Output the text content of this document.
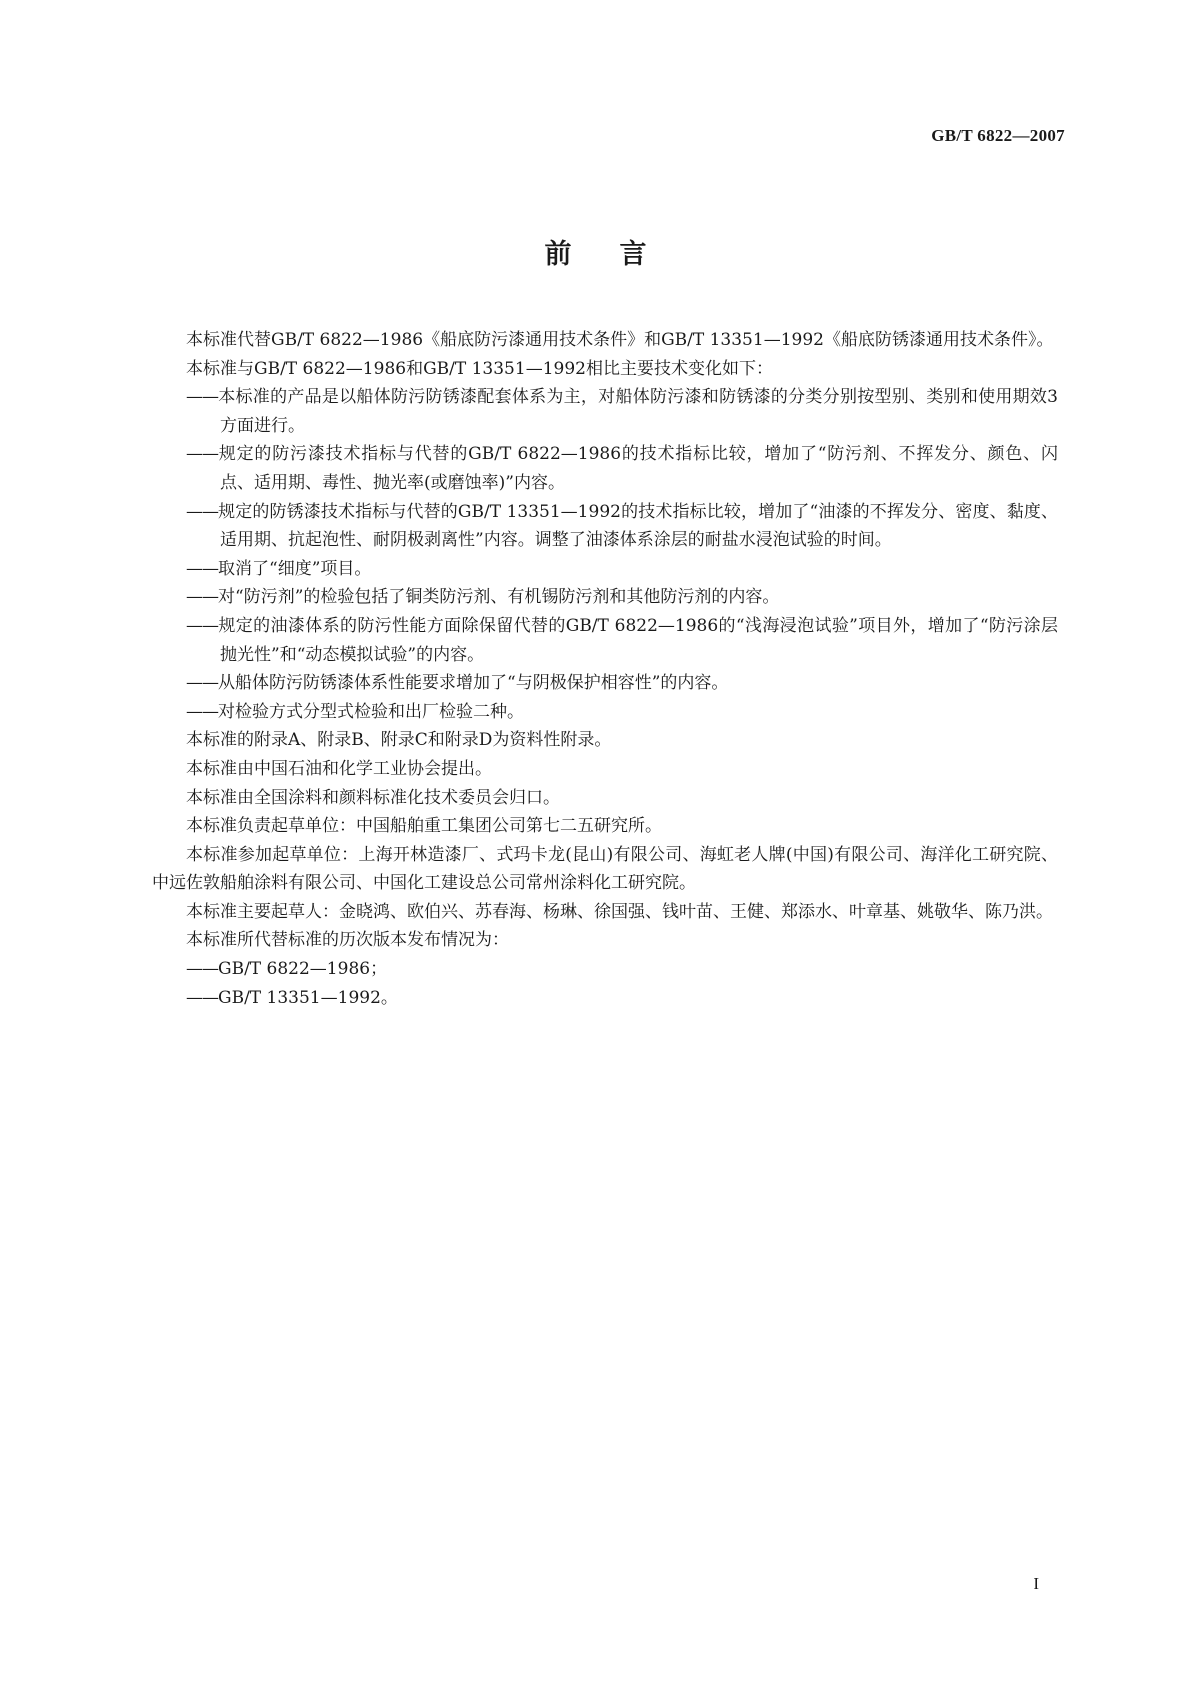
GB/T 6822—2007
前言

本标准代替GB/T 6822—1986《船底防污漆通用技术条件》和GB/T 13351—1992《船底防锈漆通用技术条件》。

本标准与GB/T 6822—1986和GB/T 13351—1992相比主要技术变化如下：

—— 本标准的产品是以船体防污防锈漆配套体系为主，对船体防污漆和防锈漆的分类分别按型别、类别和使用期效3方面进行。

—— 规定的防污漆技术指标与代替的GB/T 6822—1986的技术指标比较，增加了“防污剂、不挥发分、颜色、闪点、适用期、毒性、抛光率(或磨蚀率)”内容。

—— 规定的防锈漆技术指标与代替的GB/T 13351—1992的技术指标比较，增加了“油漆的不挥发分、密度、黏度、适用期、抗起泡性、耐阴极剥离性”内容。调整了油漆体系涂层的耐盐水浸泡试验的时间。

—— 取消了“细度”项目。

—— 对“防污剂”的检验包括了铜类防污剂、有机锡防污剂和其他防污剂的内容。

—— 规定的油漆体系的防污性能方面除保留代替的GB/T 6822—1986的“浅海浸泡试验”项目外，增加了“防污涂层抛光性”和“动态模拟试验”的内容。

—— 从船体防污防锈漆体系性能要求增加了“与阴极保护相容性”的内容。

—— 对检验方式分型式检验和出厂检验二种。

本标准的附录A、附录B、附录C和附录D为资料性附录。

本标准由中国石油和化学工业协会提出。

本标准由全国涂料和颜料标准化技术委员会归口。

本标准负责起草单位：中国船舶重工集团公司第七二五研究所。

本标准参加起草单位：上海开林造漆厂、式玛卡龙(昆山)有限公司、海虹老人牌(中国)有限公司、海洋化工研究院、中远佐敦船舶涂料有限公司、中国化工建设总公司常州涂料化工研究院。

本标准主要起草人：金晓鸿、欧伯兴、苏春海、杨琳、徐国强、钱叶苗、王健、郑添水、叶章基、姚敬华、陈乃洪。

本标准所代替标准的历次版本发布情况为：

—— GB/T 6822—1986；

—— GB/T 13351—1992。

I
